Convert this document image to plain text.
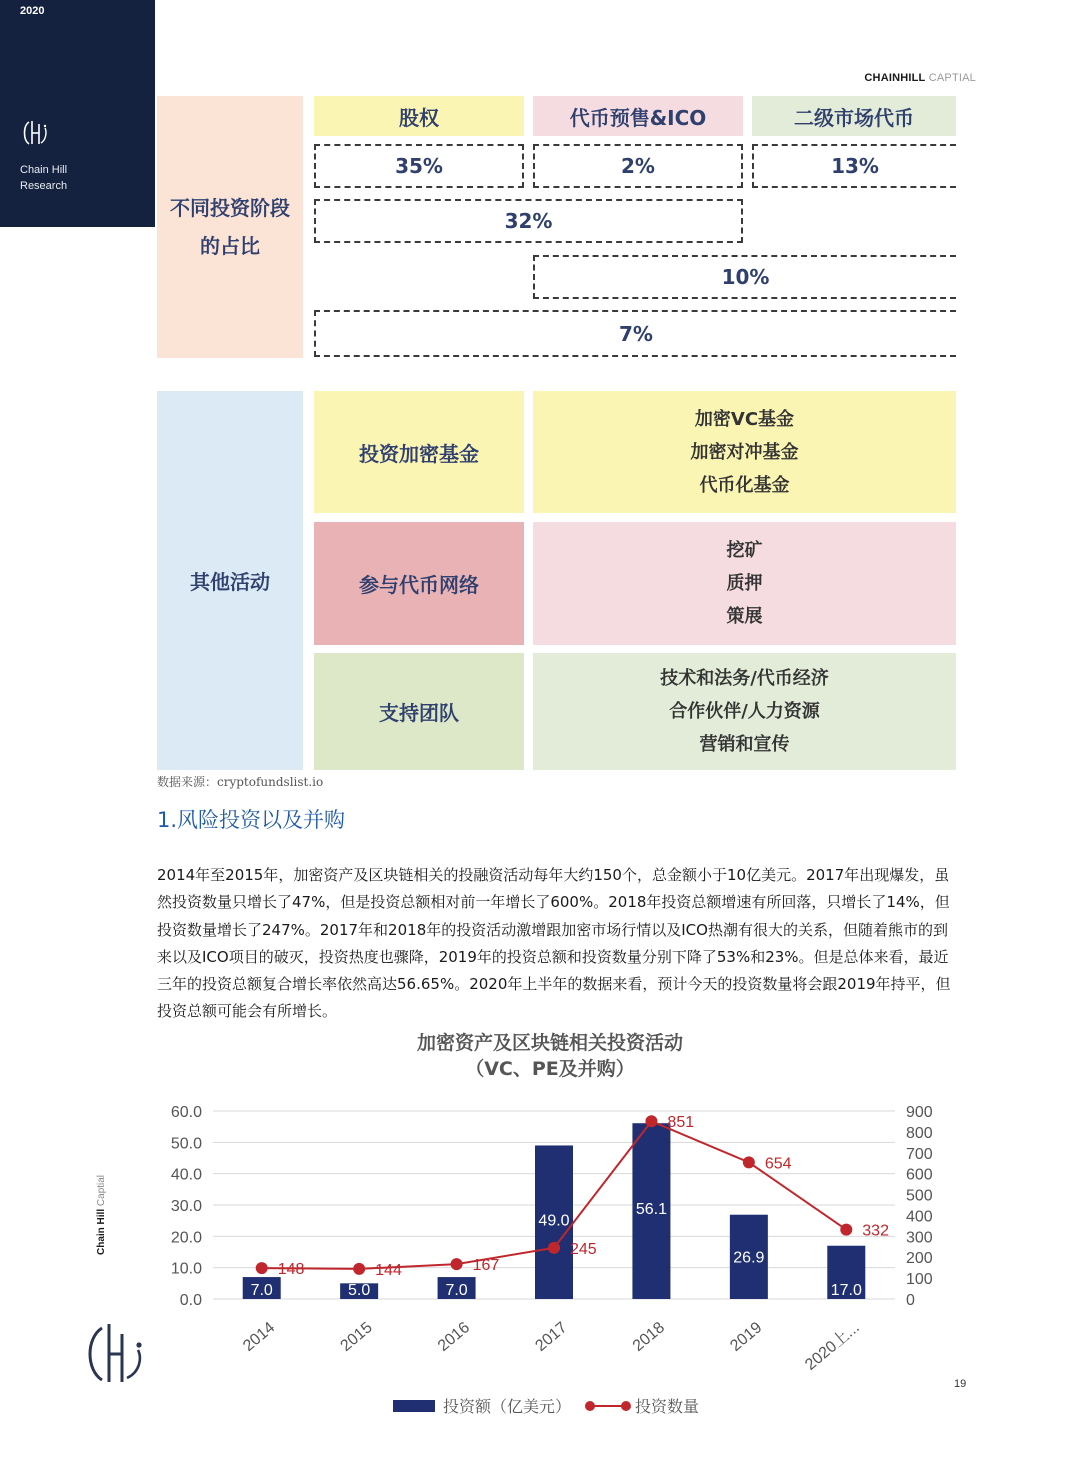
2020
Chain Hill
Research
CHAINHILL CAPTIAL
不同投资阶段的占比
股权	代币预售&ICO	二级市场代币
35%	2%	13%
32%
10%
7%
其他活动
投资加密基金
加密VC基金
加密对冲基金
代币化基金
参与代币网络
挖矿
质押
策展
支持团队
技术和法务/代币经济
合作伙伴/人力资源
营销和宣传
数据来源：cryptofundslist.io
1.风险投资以及并购

2014年至2015年，加密资产及区块链相关的投融资活动每年大约150个，总金额小于10亿美元。2017年出现爆发，虽然投资数量只增长了47%，但是投资总额相对前一年增长了600%。2018年投资总额增速有所回落，只增长了14%，但投资数量增长了247%。2017年和2018年的投资活动激增跟加密市场行情以及ICO热潮有很大的关系，但随着熊市的到来以及ICO项目的破灭，投资热度也骤降，2019年的投资总额和投资数量分别下降了53%和23%。但是总体来看，最近三年的投资总额复合增长率依然高达56.65%。2020年上半年的数据来看，预计今天的投资数量将会跟2019年持平，但投资总额可能会有所增长。

加密资产及区块链相关投资活动
（VC、PE及并购）
0.0
10.0
20.0
30.0
40.0
50.0
60.0
0
100
200
300
400
500
600
700
800
900
7.0	5.0	7.0
49.0
56.1
26.9
17.0
148	144	167
245
851
654
332
2014	2015	2016	2017	2018	2019 2020上...
投资额（亿美元）	投资数量
Chain Hill Captial
19
